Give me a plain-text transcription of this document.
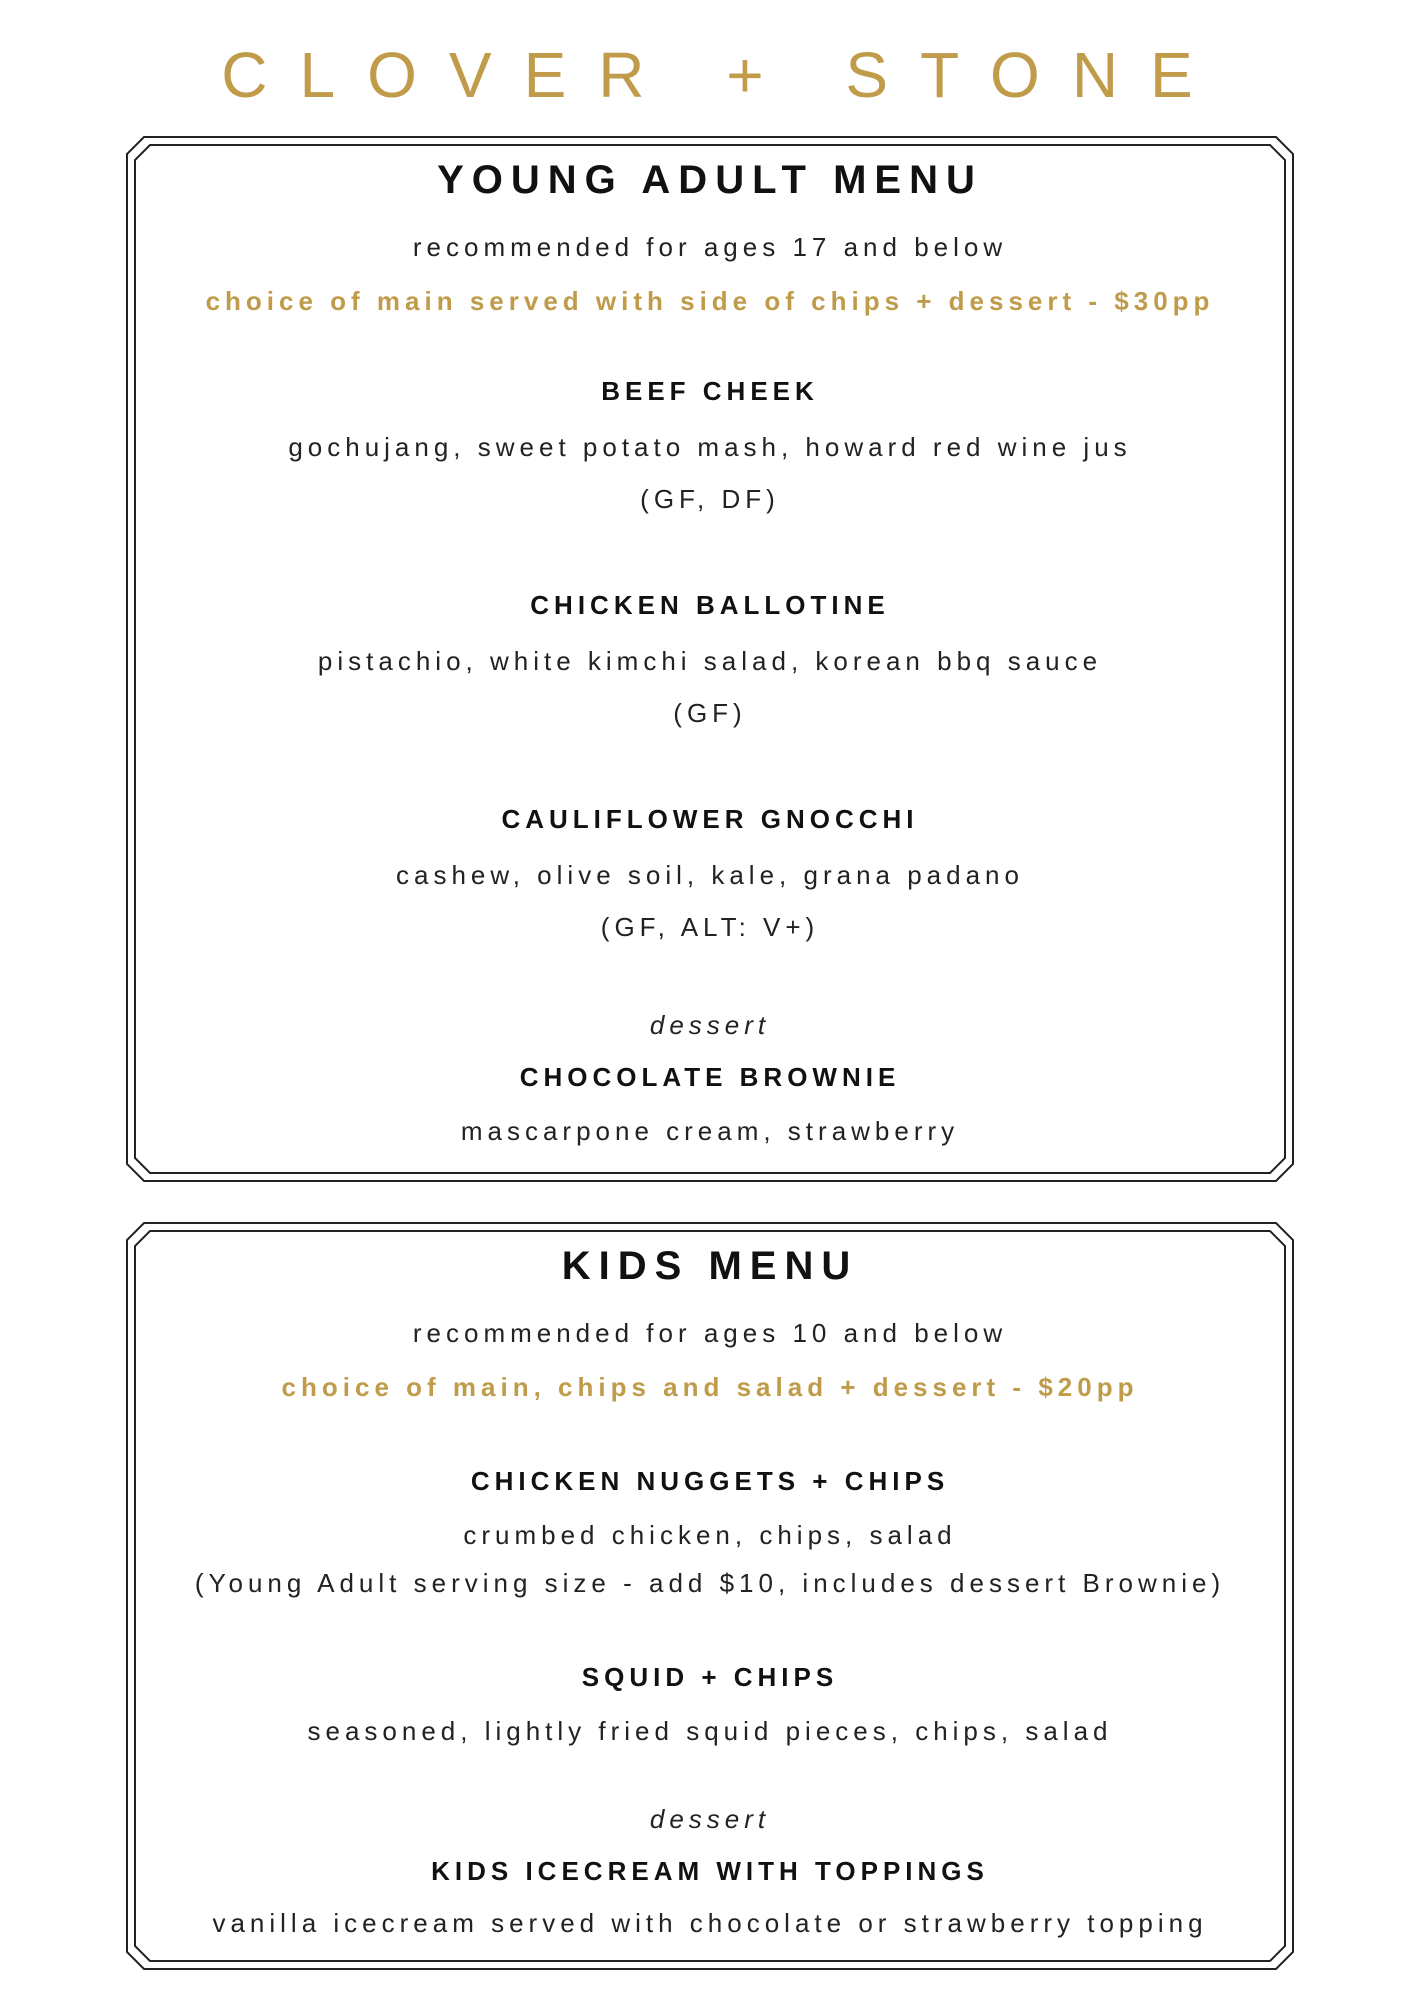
CLOVER + STONE
YOUNG ADULT MENU
recommended for ages 17 and below
choice of main served with side of chips + dessert - $30pp
BEEF CHEEK
gochujang, sweet potato mash, howard red wine jus
(GF, DF)
CHICKEN BALLOTINE
pistachio, white kimchi salad, korean bbq sauce
(GF)
CAULIFLOWER GNOCCHI
cashew, olive soil, kale, grana padano
(GF, ALT: V+)
dessert
CHOCOLATE BROWNIE
mascarpone cream, strawberry
KIDS MENU
recommended for ages 10 and below
choice of main, chips and salad + dessert - $20pp
CHICKEN NUGGETS + CHIPS
crumbed chicken, chips, salad
(Young Adult serving size - add $10, includes dessert Brownie)
SQUID + CHIPS
seasoned, lightly fried squid pieces, chips, salad
dessert
KIDS ICECREAM WITH TOPPINGS
vanilla icecream served with chocolate or strawberry topping
